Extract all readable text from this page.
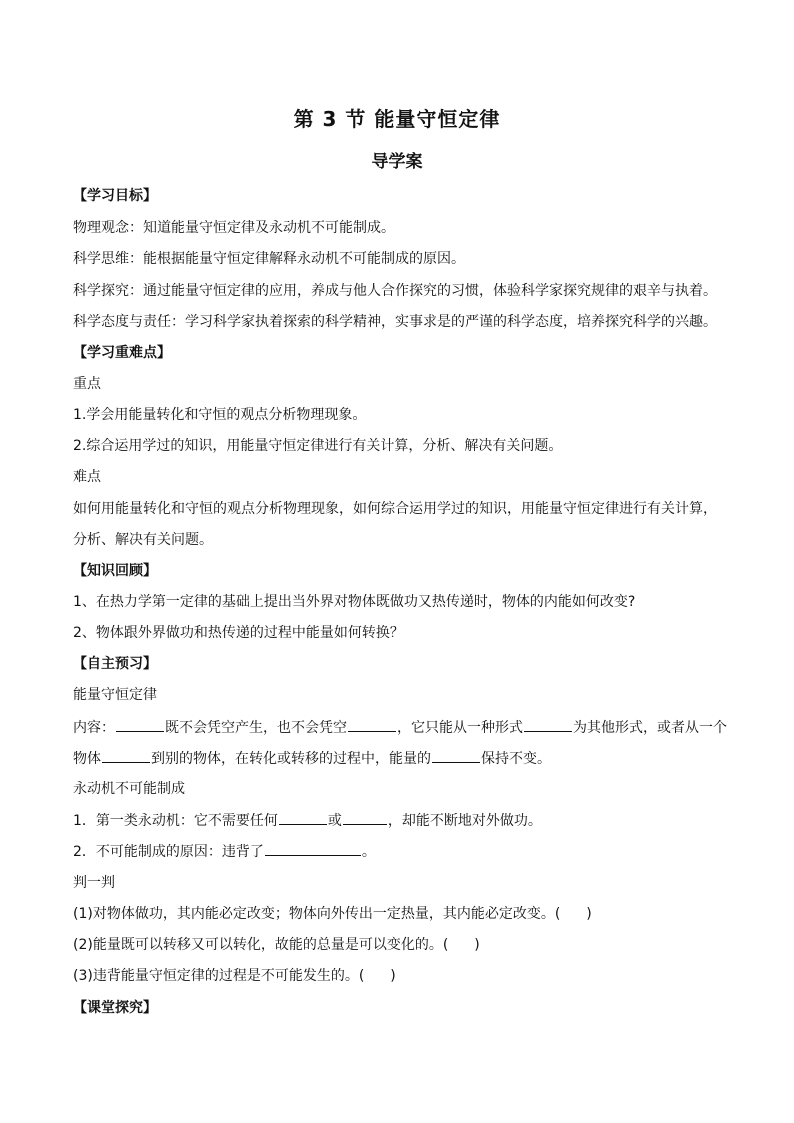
第 3 节 能量守恒定律
导学案
【学习目标】
物理观念：知道能量守恒定律及永动机不可能制成。
科学思维：能根据能量守恒定律解释永动机不可能制成的原因。
科学探究：通过能量守恒定律的应用，养成与他人合作探究的习惯，体验科学家探究规律的艰辛与执着。
科学态度与责任：学习科学家执着探索的科学精神，实事求是的严谨的科学态度，培养探究科学的兴趣。
【学习重难点】
重点
1.学会用能量转化和守恒的观点分析物理现象。
2.综合运用学过的知识，用能量守恒定律进行有关计算，分析、解决有关问题。
难点
如何用能量转化和守恒的观点分析物理现象，如何综合运用学过的知识，用能量守恒定律进行有关计算，
分析、解决有关问题。
【知识回顾】
1、在热力学第一定律的基础上提出当外界对物体既做功又热传递时，物体的内能如何改变?
2、物体跟外界做功和热传递的过程中能量如何转换？
【自主预习】
能量守恒定律
内容：	既不会凭空产生，也不会凭空	，它只能从一种形式	为其他形式，或者从一个
物体	到别的物体，在转化或转移的过程中，能量的	保持不变。
永动机不可能制成
1．第一类永动机：它不需要任何	或	，却能不断地对外做功。
2．不可能制成的原因：违背了	。
判一判
(1)对物体做功，其内能必定改变；物体向外传出一定热量，其内能必定改变。( )
(2)能量既可以转移又可以转化，故能的总量是可以变化的。( )
(3)违背能量守恒定律的过程是不可能发生的。( )
【课堂探究】
